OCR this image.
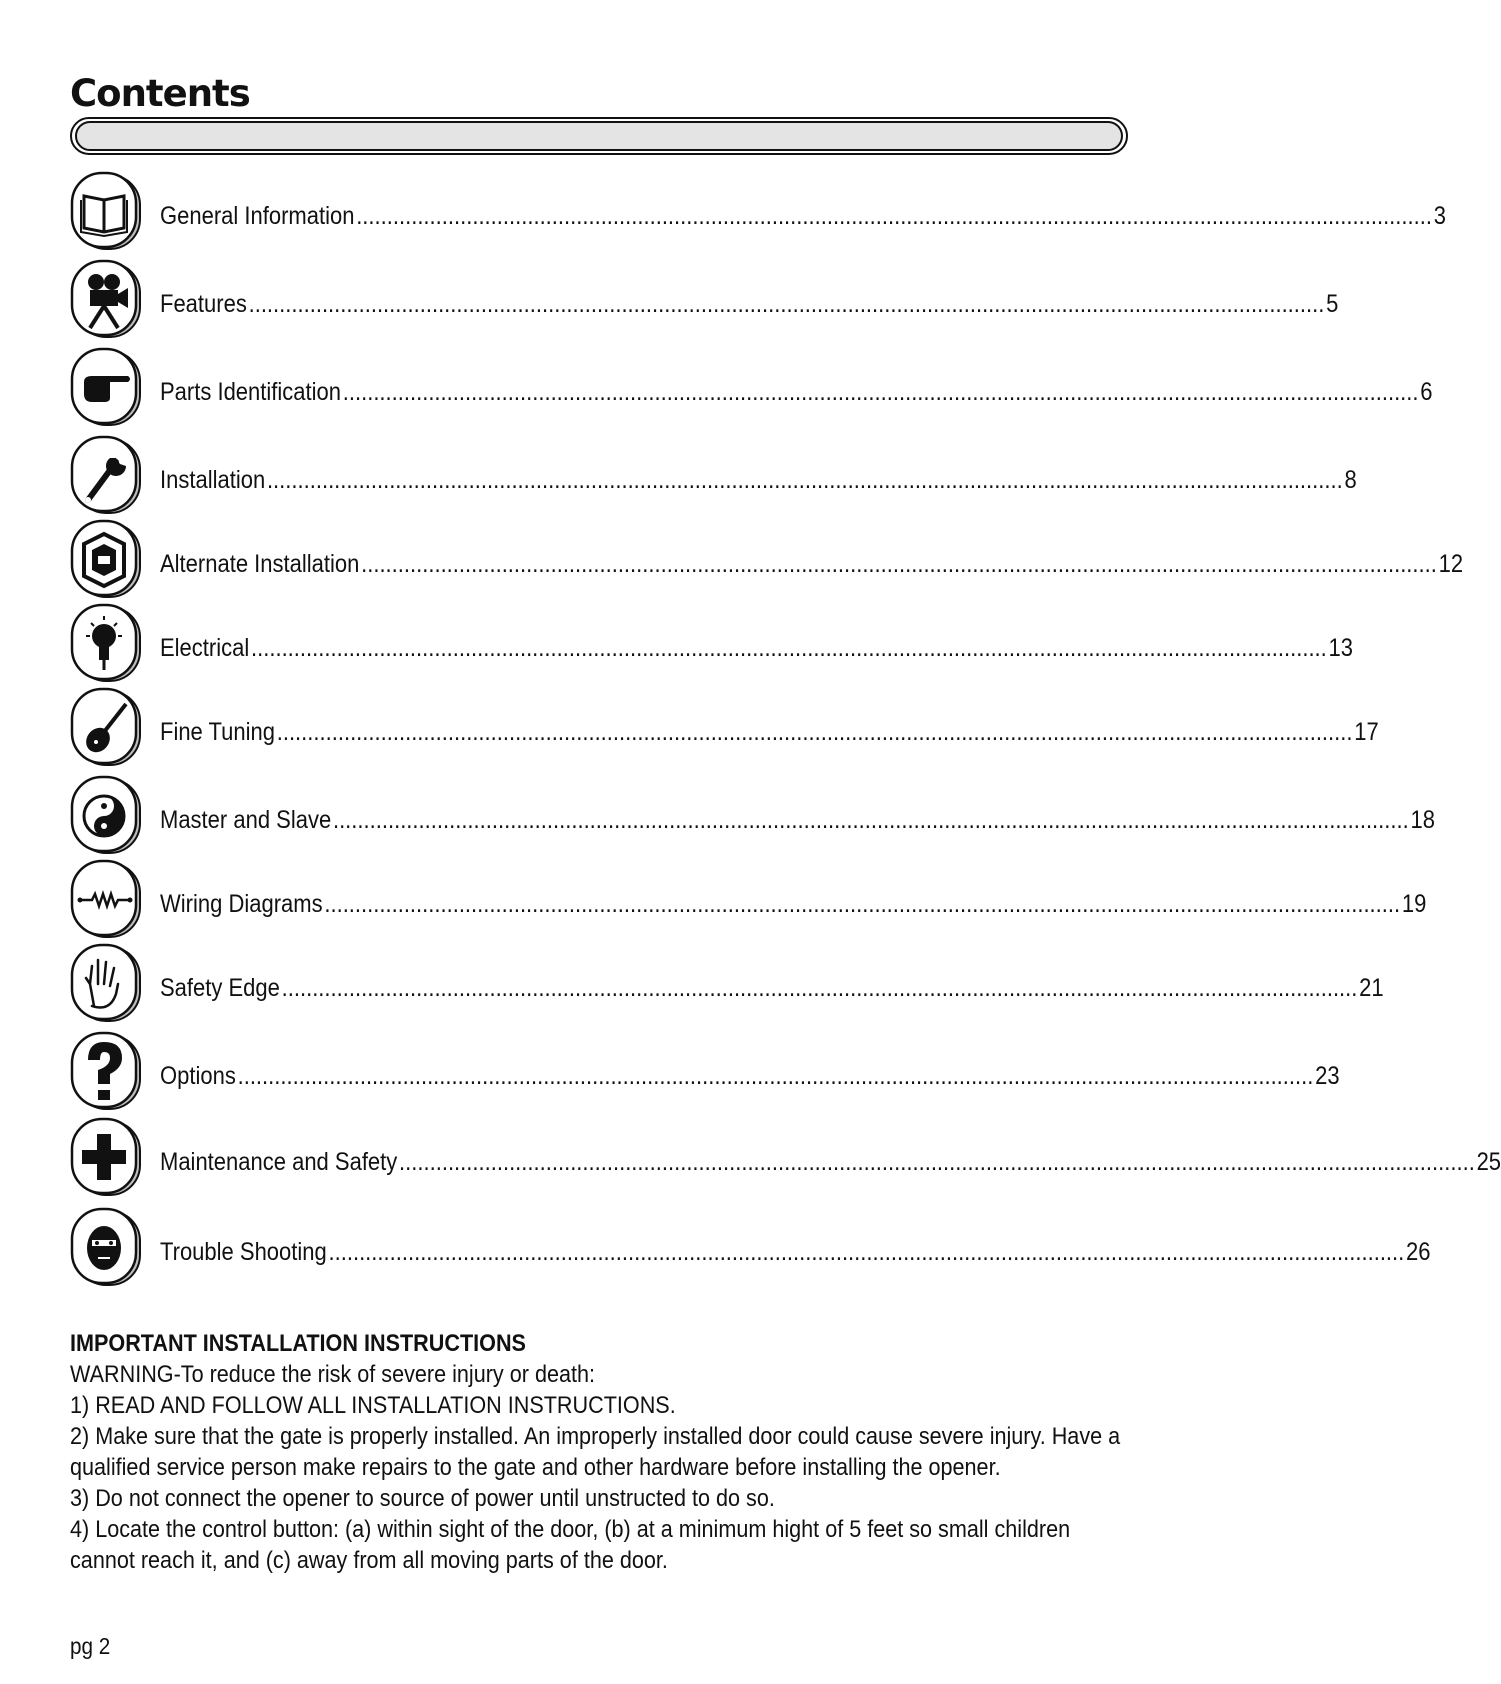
Contents
General Information ................................................................................................................................................................................ 3
Features ................................................................................................................................................................................ 5
Parts Identification ................................................................................................................................................................................ 6
Installation ................................................................................................................................................................................ 8
Alternate Installation ................................................................................................................................................................................ 12
Electrical ................................................................................................................................................................................ 13
Fine Tuning ................................................................................................................................................................................ 17
Master and Slave ................................................................................................................................................................................ 18
Wiring Diagrams ................................................................................................................................................................................ 19
Safety Edge ................................................................................................................................................................................ 21
Options ................................................................................................................................................................................ 23
Maintenance and Safety ................................................................................................................................................................................ 25
Trouble Shooting ................................................................................................................................................................................ 26

IMPORTANT INSTALLATION INSTRUCTIONS

WARNING-To reduce the risk of severe injury or death:

1) READ AND FOLLOW ALL INSTALLATION INSTRUCTIONS.

2) Make sure that the gate is properly installed. An improperly installed door could cause severe injury. Have a qualified service person make repairs to the gate and other hardware before installing the opener.

3) Do not connect the opener to source of power until unstructed to do so.

4) Locate the control button: (a) within sight of the door, (b) at a minimum hight of 5 feet so small children cannot reach it, and (c) away from all moving parts of the door.

pg 2
